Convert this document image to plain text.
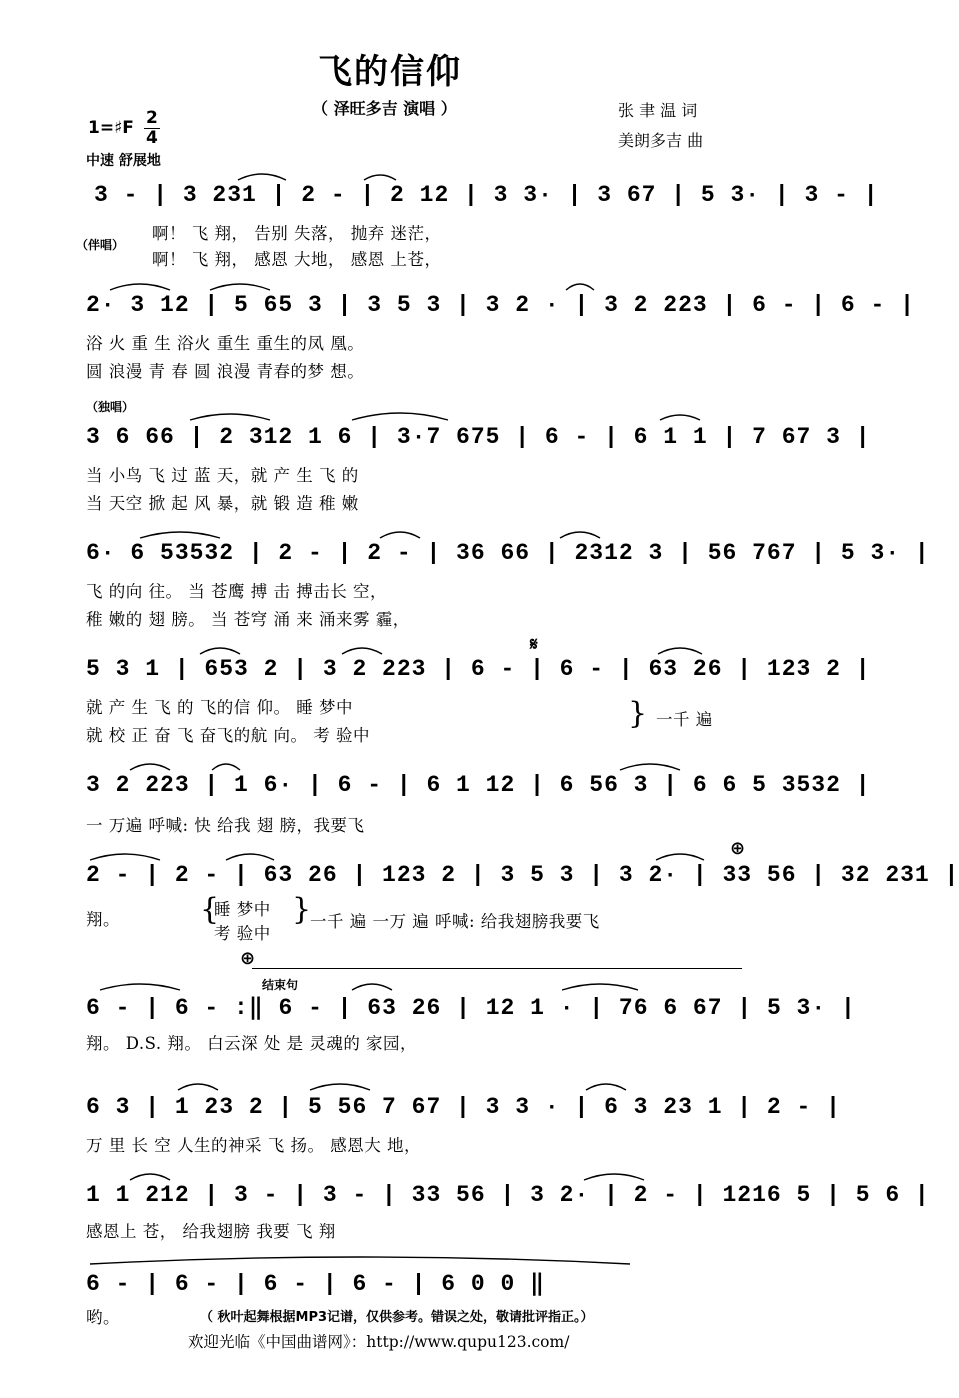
飞的信仰
（ 泽旺多吉 演唱 ）	张 聿 温 词
美朗多吉 曲
1=♯F 2
4
中速 舒展地
3 - | 3 231 | 2 - | 2 12 | 3 3· | 3 67 | 5 3· | 3 - |
（伴唱）
啊！ 飞 翔， 告别 失落， 抛弃 迷茫，
啊！ 飞 翔， 感恩 大地， 感恩 上苍，
2· 3 12 | 5 65 3 | 3 5 3 | 3 2 · | 3 2 223 | 6 - | 6 - |
浴 火 重 生 浴火 重生 重生的凤 凰。
圆 浪漫 青 春 圆 浪漫 青春的梦 想。
（独唱）
3 6 66 | 2 312 1 6 | 3·7 675 | 6 - | 6 1 1 | 7 67 3 |
当 小鸟 飞 过 蓝 天，就 产 生 飞 的
当 天空 掀 起 风 暴，就 锻 造 稚 嫩
6· 6 53532 | 2 - | 2 - | 36 66 | 2312 3 | 56 767 | 5 3· |
飞 的向 往。 当 苍鹰 搏 击 搏击长 空，
稚 嫩的 翅 膀。 当 苍穹 涌 来 涌来雾 霾，
𝄋
5 3 1 | 653 2 | 3 2 223 | 6 - | 6 - | 63 26 | 123 2 |
就 产 生 飞 的 飞的信 仰。 睡 梦中
就 校 正 奋 飞 奋飞的航 向。 考 验中
} 一千 遍
3 2 223 | 1 6· | 6 - | 6 1 12 | 6 56 3 | 6 6 5 3532 |
一 万遍 呼喊: 快 给我 翅 膀，我要飞
⊕
2 - | 2 - | 63 26 | 123 2 | 3 5 3 | 3 2· | 33 56 | 32 231 |
翔。	{
睡 梦中
考 验中
}
一千 遍 一万 遍 呼喊: 给我翅膀我要飞
⊕
结束句
6 - | 6 - :‖ 6 - | 63 26 | 12 1 · | 76 6 67 | 5 3· |
翔。 D.S. 翔。 白云深 处 是 灵魂的 家园，
6 3 | 1 23 2 | 5 56 7 67 | 3 3 · | 6 3 23 1 | 2 - |
万 里 长 空 人生的神采 飞 扬。 感恩大 地，
1 1 212 | 3 - | 3 - | 33 56 | 3 2· | 2 - | 1216 5 | 5 6 |
感恩上 苍， 给我翅膀 我要 飞 翔
6 - | 6 - | 6 - | 6 - | 6 0 0 ‖
哟。	（ 秋叶起舞根据MP3记谱，仅供参考。错误之处，敬请批评指正。）
欢迎光临《中国曲谱网》：http://www.qupu123.com/
